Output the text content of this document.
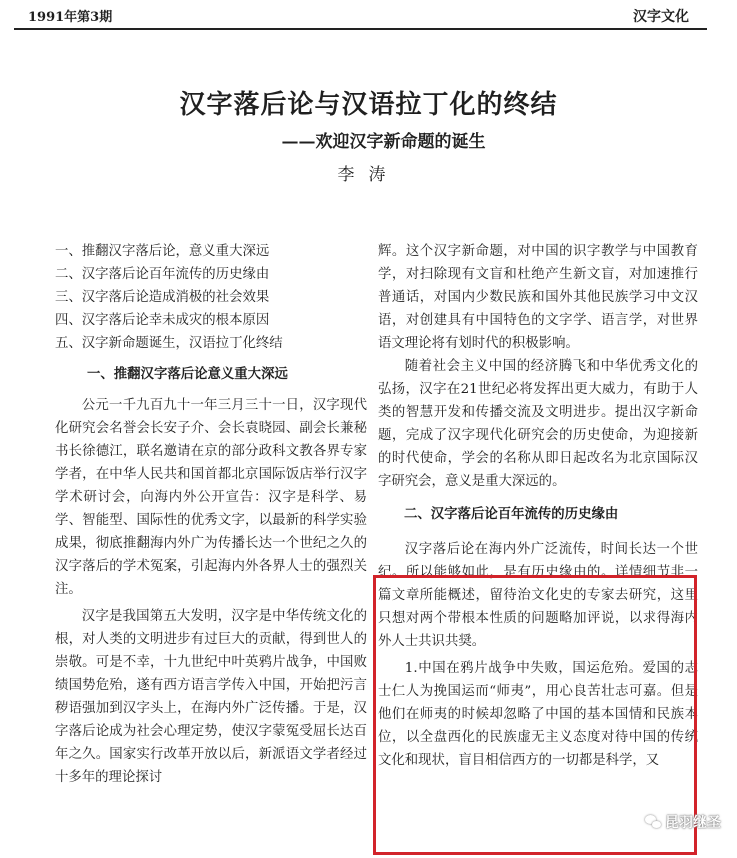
1991年第3期	汉字文化
汉字落后论与汉语拉丁化的终结
——欢迎汉字新命题的诞生
李涛
一、推翻汉字落后论，意义重大深远
二、汉字落后论百年流传的历史缘由
三、汉字落后论造成消极的社会效果
四、汉字落后论幸未成灾的根本原因
五、汉字新命题诞生，汉语拉丁化终结
一、推翻汉字落后论意义重大深远

公元一千九百九十一年三月三十一日，汉字现代化研究会名誉会长安子介、会长袁晓园、副会长兼秘书长徐德江，联名邀请在京的部分政科文教各界专家学者，在中华人民共和国首都北京国际饭店举行汉字学术研讨会，向海内外公开宣告：汉字是科学、易学、智能型、国际性的优秀文字，以最新的科学实验成果，彻底推翻海内外广为传播长达一个世纪之久的汉字落后的学术冤案，引起海内外各界人士的强烈关注。

汉字是我国第五大发明，汉字是中华传统文化的根，对人类的文明进步有过巨大的贡献，得到世人的崇敬。可是不幸，十九世纪中叶英鸦片战争，中国败绩国势危殆，遂有西方语言学传入中国，开始把污言秽语强加到汉字头上，在海内外广泛传播。于是，汉字落后论成为社会心理定势，使汉字蒙冤受屈长达百年之久。国家实行改革开放以后，新派语文学者经过十多年的理论探讨

辉。这个汉字新命题，对中国的识字教学与中国教育学，对扫除现有文盲和杜绝产生新文盲，对加速推行普通话，对国内少数民族和国外其他民族学习中文汉语，对创建具有中国特色的文字学、语言学，对世界语文理论将有划时代的积极影响。

随着社会主义中国的经济腾飞和中华优秀文化的弘扬，汉字在21世纪必将发挥出更大威力，有助于人类的智慧开发和传播交流及文明进步。提出汉字新命题，完成了汉字现代化研究会的历史使命，为迎接新的时代使命，学会的名称从即日起改名为北京国际汉字研究会，意义是重大深远的。

二、汉字落后论百年流传的历史缘由

汉字落后论在海内外广泛流传，时间长达一个世纪。所以能够如此，是有历史缘由的。详情细节非一篇文章所能概述，留待治文化史的专家去研究，这里只想对两个带根本性质的问题略加评说，以求得海内外人士共识共奨。

1.中国在鸦片战争中失败，国运危殆。爱国的志士仁人为挽国运而“师夷”，用心良苦壮志可嘉。但是他们在师夷的时候却忽略了中国的基本国情和民族本位，以全盘西化的民族虚无主义态度对待中国的传统文化和现状，盲目相信西方的一切都是科学，又

昆羽继圣
